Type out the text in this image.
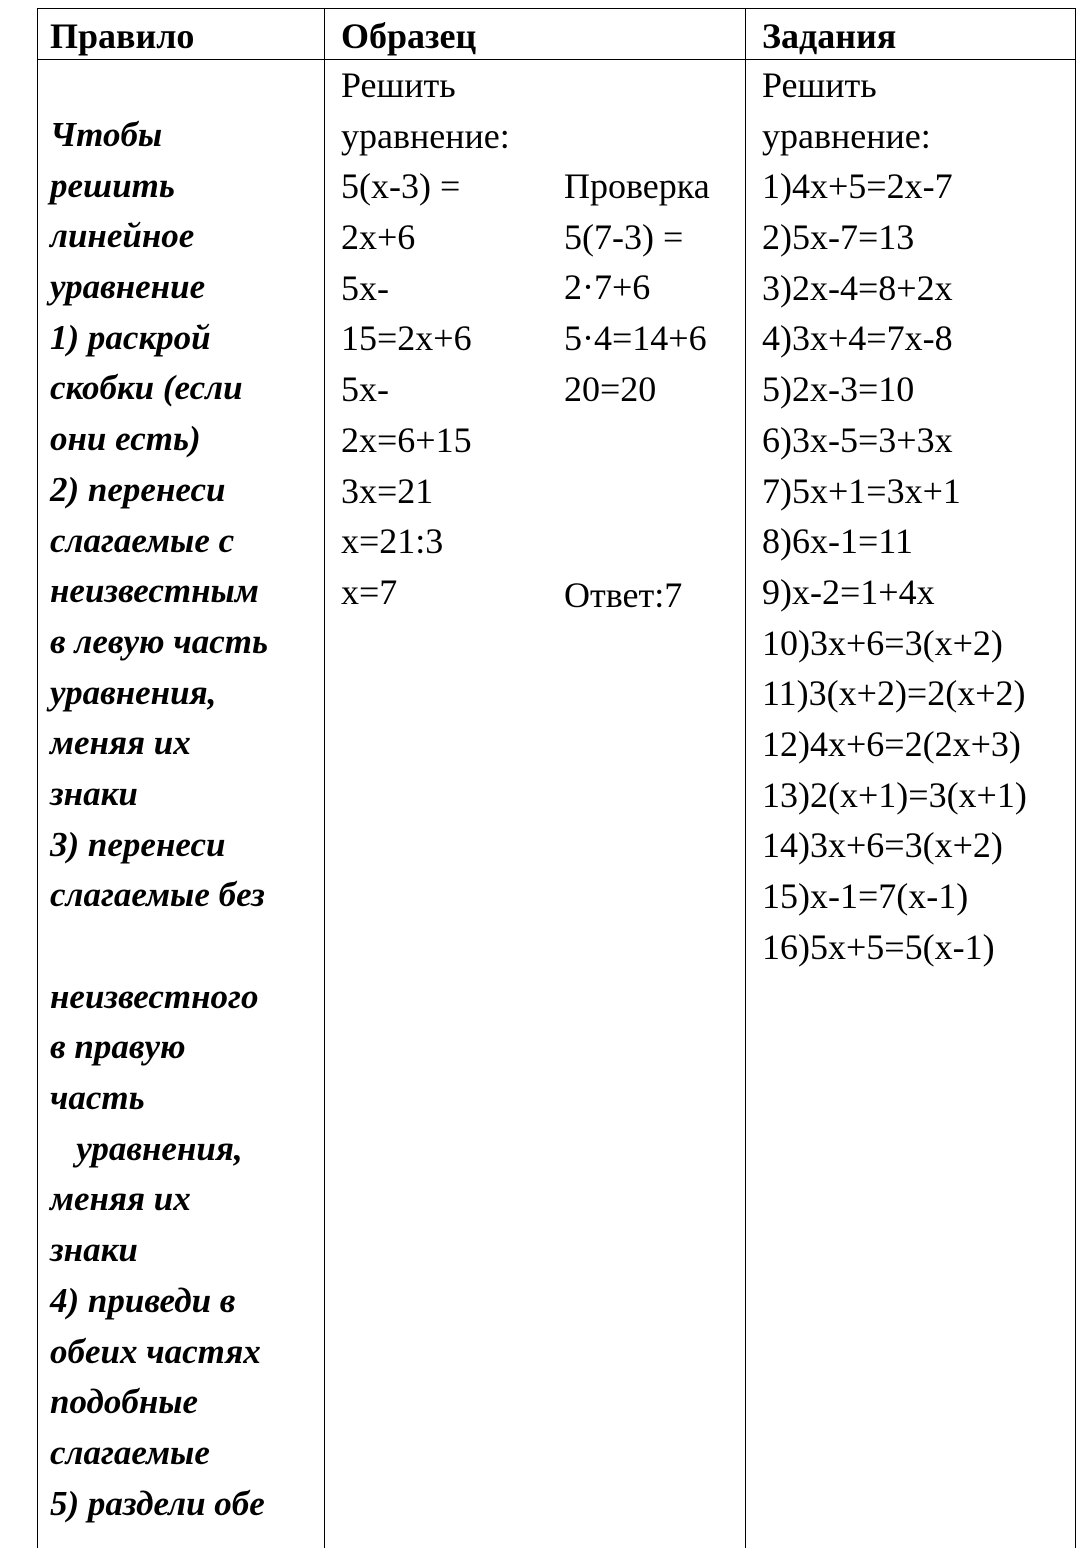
Правило	Образец	Задания
Чтобы
решить
линейное
уравнение
1) раскрой
скобки (если
они есть)
2) перенеси
слагаемые с
неизвестным
в левую часть
уравнения,
меняя их
знаки
3) перенеси
слагаемые без
неизвестного
в правую
часть
уравнения,
меняя их
знаки
4) приведи в
обеих частях
подобные
слагаемые
5) раздели обе
Решить
уравнение:
5(x-3) =
2x+6
5x-
15=2x+6
5x-
2x=6+15
3x=21
x=21:3
x=7
Проверка
5(7-3) =
2·7+6
5·4=14+6
20=20
Ответ:7
Решить
уравнение:
1)4x+5=2x-7
2)5x-7=13
3)2x-4=8+2x
4)3x+4=7x-8
5)2x-3=10
6)3x-5=3+3x
7)5x+1=3x+1
8)6x-1=11
9)x-2=1+4x
10)3x+6=3(x+2)
11)3(x+2)=2(x+2)
12)4x+6=2(2x+3)
13)2(x+1)=3(x+1)
14)3x+6=3(x+2)
15)x-1=7(x-1)
16)5x+5=5(x-1)
